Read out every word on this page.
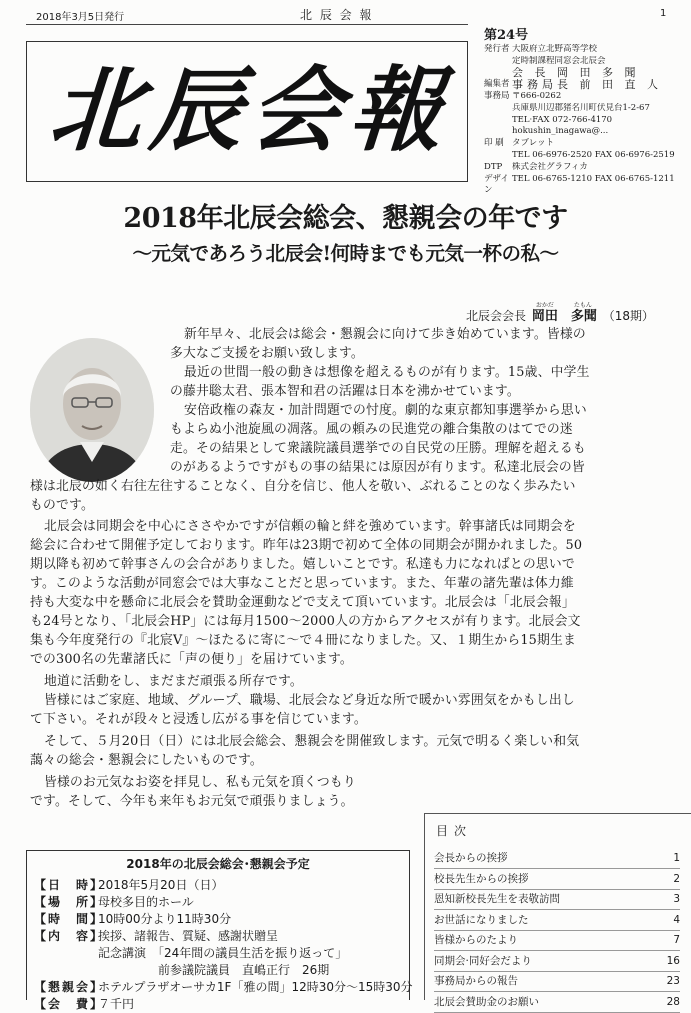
2018年3月5日発行	北 辰 会 報	1
北辰会報
第24号
発行者 大阪府立北野高等学校
定時制課程同窓会北辰会
会 長 岡 田 多 聞
編集者 事務局長 前 田 直 人
事務局 〒666-0262
兵庫県川辺郡猪名川町伏見台1-2-67
TEL·FAX 072-766-4170
hokushin_inagawa@...
印 刷 タブレット
TEL 06-6976-2520 FAX 06-6976-2519
DTP	株式会社グラフィカ
デザイン
TEL 06-6765-1210 FAX 06-6765-1211
2018年北辰会総会、懇親会の年です
～元気であろう北辰会!何時までも元気一杯の私～
北辰会会長
おかだ	たもん
岡田　多聞 （18期）
新年早々、北辰会は総会・懇親会に向けて歩き始めています。皆様の
多大なご支援をお願い致します。
最近の世間一般の動きは想像を超えるものが有ります。15歳、中学生
の藤井聡太君、張本智和君の活躍は日本を沸かせています。
安倍政権の森友・加計問題での忖度。劇的な東京都知事選挙から思い
もよらぬ小池旋風の凋落。風の頼みの民進党の離合集散のはてでの迷
走。その結果として衆議院議員選挙での自民党の圧勝。理解を超えるも
のがあるようですがもの事の結果には原因が有ります。私達北辰会の皆
様は北辰の如く右往左往することなく、自分を信じ、他人を敬い、ぶれることのなく歩みたい
ものです。
北辰会は同期会を中心にささやかですが信頼の輪と絆を強めています。幹事諸氏は同期会を
総会に合わせて開催予定しております。昨年は23期で初めて全体の同期会が開かれました。50
期以降も初めて幹事さんの会合がありました。嬉しいことです。私達も力になればとの思いで
す。このような活動が同窓会では大事なことだと思っています。また、年輩の諸先輩は体力維
持も大変な中を懸命に北辰会を賛助金運動などで支えて頂いています。北辰会は「北辰会報」
も24号となり、「北辰会HP」には毎月1500～2000人の方からアクセスが有ります。北辰会文
集も今年度発行の『北宸V』～ほたるに寄に～で４冊になりました。又、１期生から15期生ま
での300名の先輩諸氏に「声の便り」を届けています。
地道に活動をし、まだまだ頑張る所存です。
皆様にはご家庭、地域、グループ、職場、北辰会など身近な所で暖かい雰囲気をかもし出し
て下さい。それが段々と浸透し広がる事を信じています。
そして、５月20日（日）には北辰会総会、懇親会を開催致します。元気で明るく楽しい和気
藹々の総会・懇親会にしたいものです。
皆様のお元気なお姿を拝見し、私も元気を頂くつもり
です。そして、今年も来年もお元気で頑張りましょう。
2018年の北辰会総会･懇親会予定
【日　時】
2018年5月20日（日）
【場　所】
母校多目的ホール
【時　間】
10時00分より11時30分
【内　容】
挨拶、諸報告、質疑、感謝状贈呈
記念講演　「24年間の議員生活を振り返って」
　　　　　前参議院議員　直嶋正行　26期
【懇親会】
ホテルプラザオーサカ1F「雅の間」12時30分～15時30分
【会　費】
７千円
目次
会長からの挨拶	1
校長先生からの挨拶	2
恩知新校長先生を表敬訪問	3
お世話になりました	4
皆様からのたより	7
同期会·同好会だより	16
事務局からの報告	23
北辰会賛助金のお願い	28
